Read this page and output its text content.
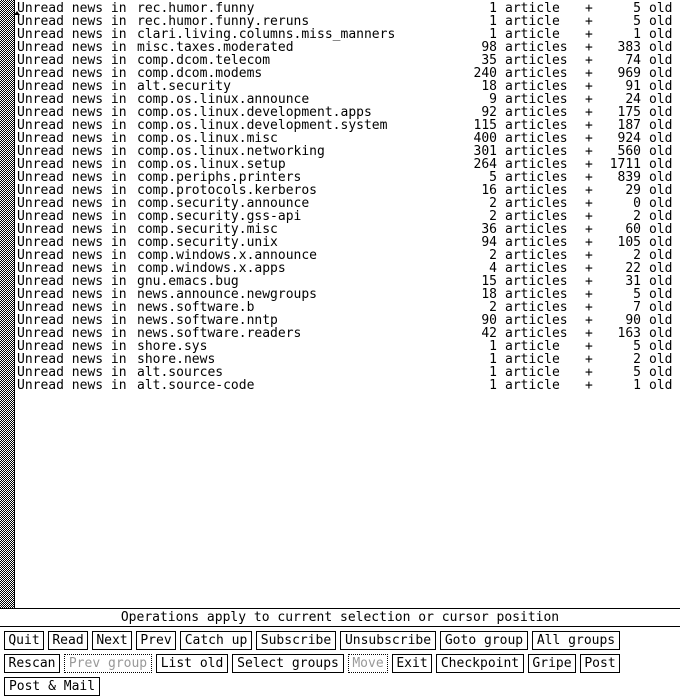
Unread news in rec.humor.funny	1 article	+	5 old
Unread news in rec.humor.funny.reruns	1 article	+	5 old
Unread news in clari.living.columns.miss_manners	1 article	+	1 old
Unread news in misc.taxes.moderated	98 articles	+	383 old
Unread news in comp.dcom.telecom	35 articles	+	74 old
Unread news in comp.dcom.modems	240 articles	+	969 old
Unread news in alt.security	18 articles	+	91 old
Unread news in comp.os.linux.announce	9 articles	+	24 old
Unread news in comp.os.linux.development.apps	92 articles	+	175 old
Unread news in comp.os.linux.development.system	115 articles	+	187 old
Unread news in comp.os.linux.misc	400 articles	+	924 old
Unread news in comp.os.linux.networking	301 articles	+	560 old
Unread news in comp.os.linux.setup	264 articles	+	1711 old
Unread news in comp.periphs.printers	5 articles	+	839 old
Unread news in comp.protocols.kerberos	16 articles	+	29 old
Unread news in comp.security.announce	2 articles	+	0 old
Unread news in comp.security.gss-api	2 articles	+	2 old
Unread news in comp.security.misc	36 articles	+	60 old
Unread news in comp.security.unix	94 articles	+	105 old
Unread news in comp.windows.x.announce	2 articles	+	2 old
Unread news in comp.windows.x.apps	4 articles	+	22 old
Unread news in gnu.emacs.bug	15 articles	+	31 old
Unread news in news.announce.newgroups	18 articles	+	5 old
Unread news in news.software.b	2 articles	+	7 old
Unread news in news.software.nntp	90 articles	+	90 old
Unread news in news.software.readers	42 articles	+	163 old
Unread news in shore.sys	1 article	+	5 old
Unread news in shore.news	1 article	+	2 old
Unread news in alt.sources	1 article	+	5 old
Unread news in alt.source-code	1 article	+	1 old
Operations apply to current selection or cursor position
Quit Read Next Prev	Catch up	Subscribe	Unsubscribe	Goto group	All groups
Rescan	Prev group	List old	Select groups	Move Exit	Checkpoint	Gripe Post
Post & Mail
